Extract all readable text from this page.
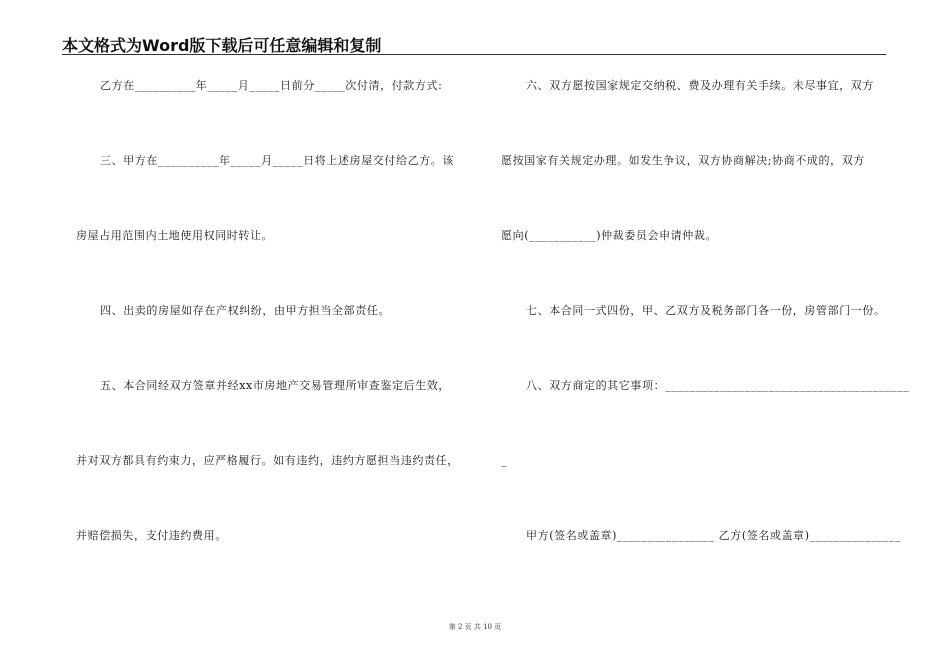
本文格式为Word版下载后可任意编辑和复制
乙方在__________年_____月_____日前分_____次付清，付款方式:
三、甲方在__________年_____月_____日将上述房屋交付给乙方。该
房屋占用范围内土地使用权同时转让。
四、出卖的房屋如存在产权纠纷，由甲方担当全部责任。
五、本合同经双方签章并经xx市房地产交易管理所审查鉴定后生效，
并对双方都具有约束力，应严格履行。如有违约，违约方愿担当违约责任，
并赔偿损失，支付违约费用。
六、双方愿按国家规定交纳税、费及办理有关手续。未尽事宜，双方
愿按国家有关规定办理。如发生争议，双方协商解决;协商不成的，双方
愿向(___________)仲裁委员会申请仲裁。
七、本合同一式四份，甲、乙双方及税务部门各一份，房管部门一份。
八、双方商定的其它事项：________________________________________
_
甲方(签名或盖章)________________ 乙方(签名或盖章)_______________
第 2 页 共 10 页
